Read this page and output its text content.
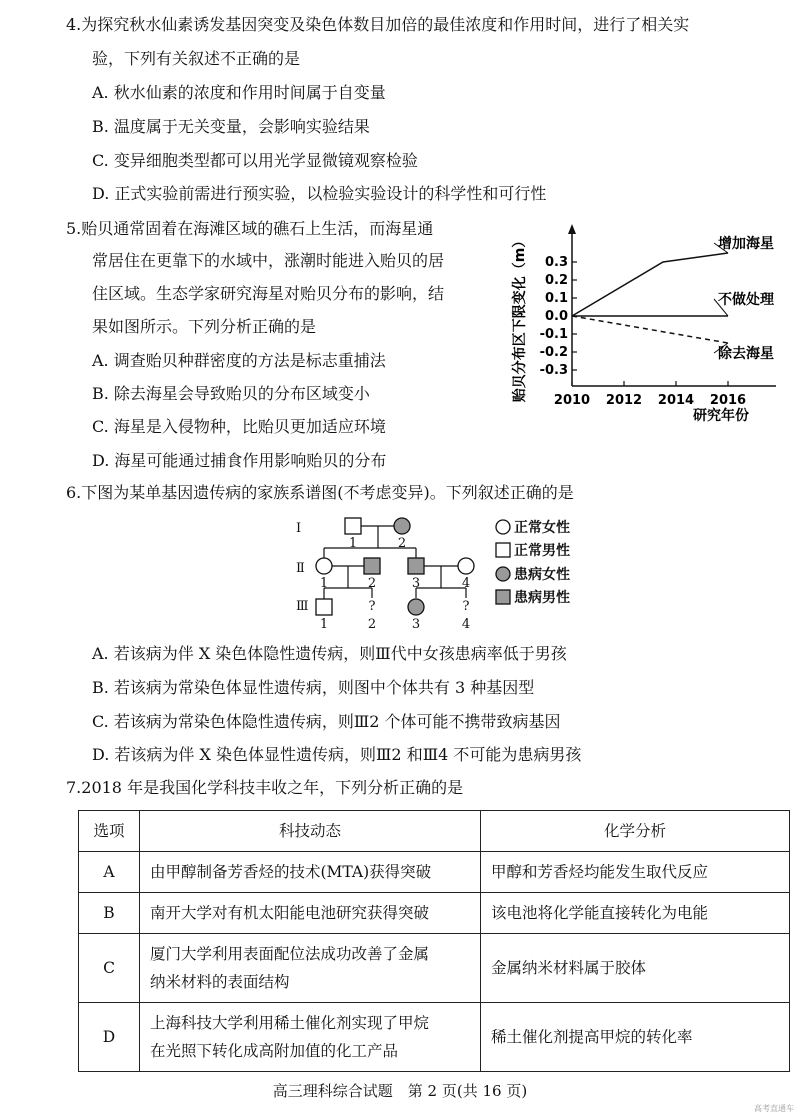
4.为探究秋水仙素诱发基因突变及染色体数目加倍的最佳浓度和作用时间，进行了相关实
验，下列有关叙述不正确的是
A. 秋水仙素的浓度和作用时间属于自变量
B. 温度属于无关变量，会影响实验结果
C. 变异细胞类型都可以用光学显微镜观察检验
D. 正式实验前需进行预实验，以检验实验设计的科学性和可行性
5.贻贝通常固着在海滩区域的礁石上生活，而海星通
常居住在更靠下的水域中，涨潮时能进入贻贝的居
住区域。生态学家研究海星对贻贝分布的影响，结
果如图所示。下列分析正确的是
A. 调查贻贝种群密度的方法是标志重捕法
B. 除去海星会导致贻贝的分布区域变小
C. 海星是入侵物种，比贻贝更加适应环境
D. 海星可能通过捕食作用影响贻贝的分布
贻贝分布区下限变化（m） 0.3
0.2
0.1
0.0
-0.1
-0.2
-0.3
2010 2012 2014 2016
增加海星
不做处理
除去海星
研究年份
6.下图为某单基因遗传病的家族系谱图(不考虑变异)。下列叙述正确的是
Ⅰ
Ⅱ
Ⅲ
1	2
1	2	3	4
?	?
1	2	3	4
正常女性
正常男性
患病女性
患病男性
A. 若该病为伴 X 染色体隐性遗传病，则Ⅲ代中女孩患病率低于男孩
B. 若该病为常染色体显性遗传病，则图中个体共有 3 种基因型
C. 若该病为常染色体隐性遗传病，则Ⅲ2 个体可能不携带致病基因
D. 若该病为伴 X 染色体显性遗传病，则Ⅲ2 和Ⅲ4 不可能为患病男孩
7.2018 年是我国化学科技丰收之年，下列分析正确的是
选项	科技动态	化学分析
A	由甲醇制备芳香烃的技术(MTA)获得突破	甲醇和芳香烃均能发生取代反应
B	南开大学对有机太阳能电池研究获得突破	该电池将化学能直接转化为电能
C	厦门大学利用表面配位法成功改善了金属
纳米材料的表面结构	金属纳米材料属于胶体
D	上海科技大学利用稀土催化剂实现了甲烷
在光照下转化成高附加值的化工产品	稀土催化剂提高甲烷的转化率
高三理科综合试题　第 2 页(共 16 页)
高考直通车
